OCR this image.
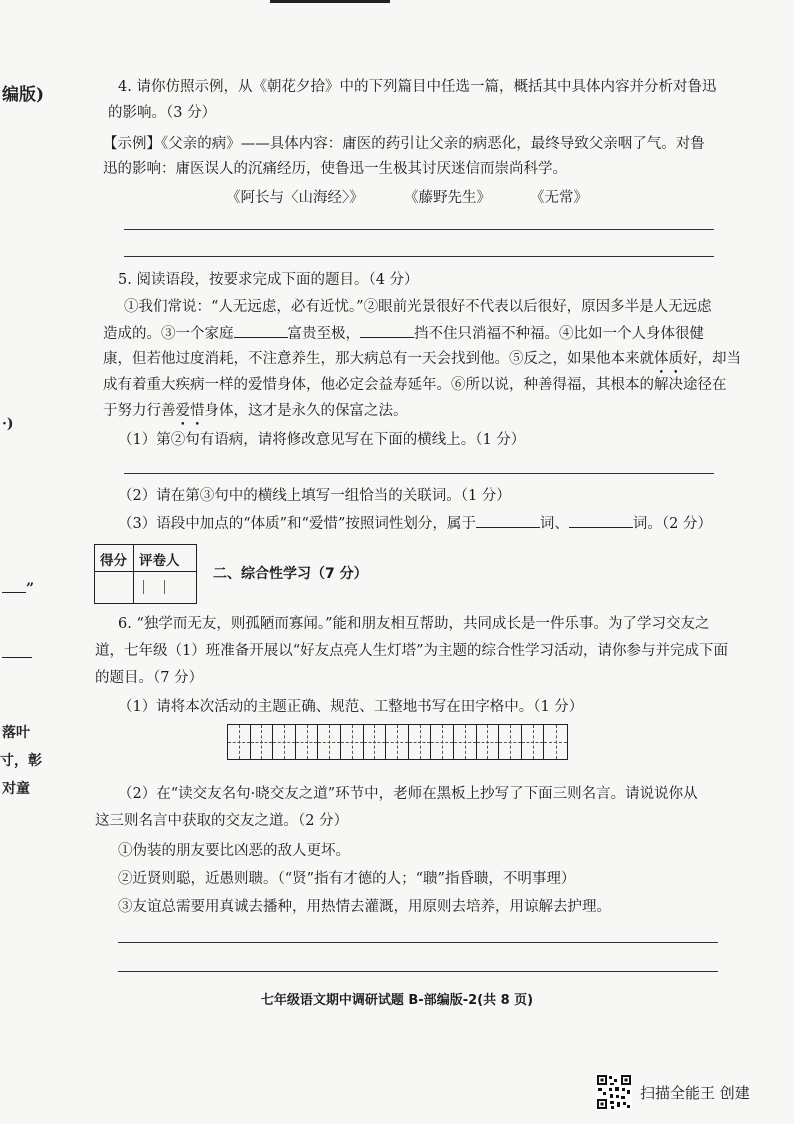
编版)
·)
”
落叶
寸，彰
对童
4. 请你仿照示例，从《朝花夕拾》中的下列篇目中任选一篇，概括其中具体内容并分析对鲁迅
的影响。（3 分）
【示例】《父亲的病》——具体内容：庸医的药引让父亲的病恶化，最终导致父亲咽了气。对鲁
迅的影响：庸医误人的沉痛经历，使鲁迅一生极其讨厌迷信而崇尚科学。
《阿长与〈山海经〉》	《藤野先生》	《无常》
5. 阅读语段，按要求完成下面的题目。（4 分）
①我们常说：“人无远虑，必有近忧。”②眼前光景很好不代表以后很好，原因多半是人无远虑
造成的。③一个家庭	富贵至极，	挡不住只消福不种福。④比如一个人身体很健
康，但若他过度消耗，不注意养生，那大病总有一天会找到他。⑤反之，如果他本来就体质好，却当
成有着重大疾病一样的爱惜身体，他必定会益寿延年。⑥所以说，种善得福，其根本的解决途径在
于努力行善爱惜身体，这才是永久的保富之法。
（1）第②句有语病，请将修改意见写在下面的横线上。（1 分）
（2）请在第③句中的横线上填写一组恰当的关联词。（1 分）
（3）语段中加点的“体质”和“爱惜”按照词性划分，属于	词、	词。（2 分）
得分 评卷人
二、综合性学习（7 分）
6. “独学而无友，则孤陋而寡闻。”能和朋友相互帮助，共同成长是一件乐事。为了学习交友之
道，七年级（1）班准备开展以“好友点亮人生灯塔”为主题的综合性学习活动，请你参与并完成下面
的题目。（7 分）
（1）请将本次活动的主题正确、规范、工整地书写在田字格中。（1 分）
（2）在“读交友名句·晓交友之道”环节中，老师在黑板上抄写了下面三则名言。请说说你从
这三则名言中获取的交友之道。（2 分）
①伪装的朋友要比凶恶的敌人更坏。
②近贤则聪，近愚则聩。（“贤”指有才德的人；“聩”指昏聩，不明事理）
③友谊总需要用真诚去播种，用热情去灌溉，用原则去培养，用谅解去护理。
七年级语文期中调研试题 B-部编版-2(共 8 页)
扫描全能王 创建
